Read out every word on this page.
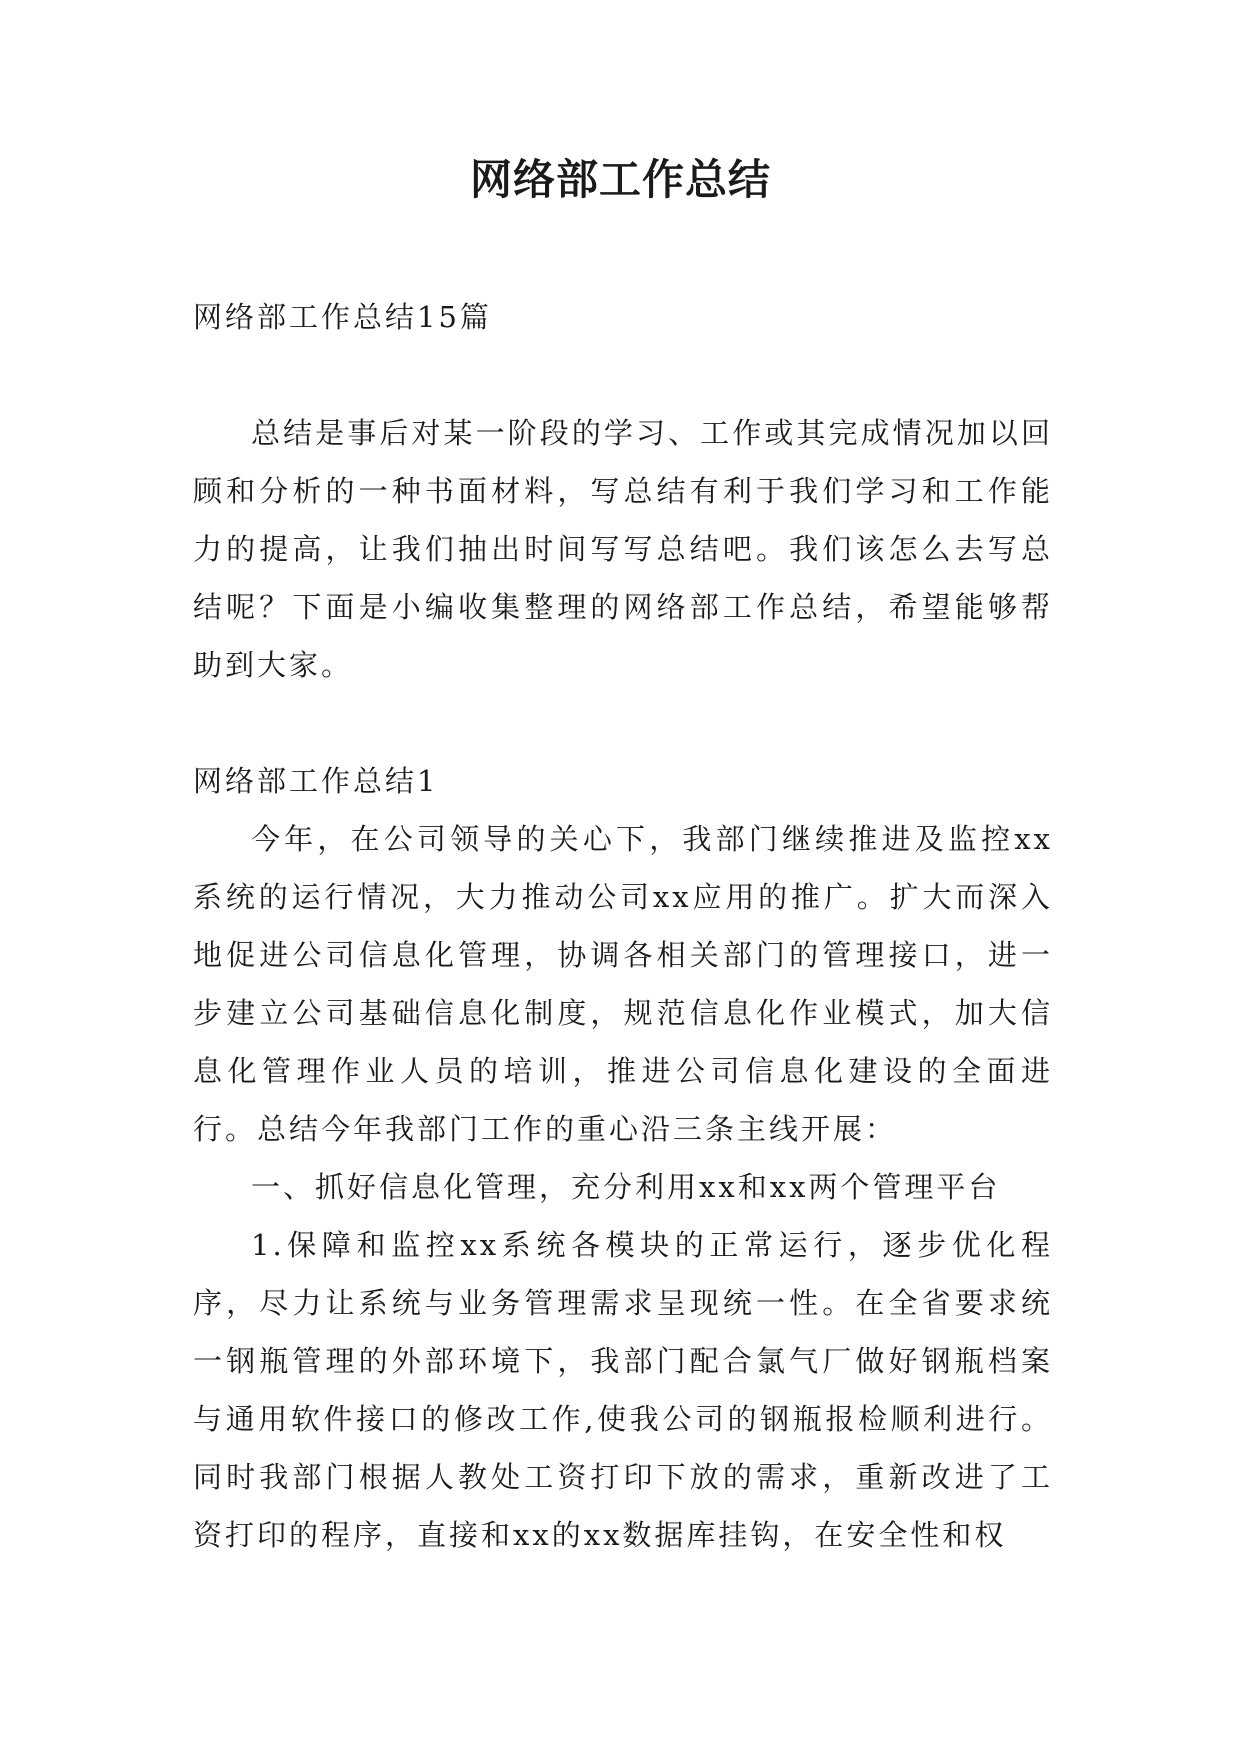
网络部工作总结

网络部工作总结15篇

总结是事后对某一阶段的学习、工作或其完成情况加以回顾和分析的一种书面材料，写总结有利于我们学习和工作能力的提高，让我们抽出时间写写总结吧。我们该怎么去写总结呢？下面是小编收集整理的网络部工作总结，希望能够帮助到大家。

网络部工作总结1

今年，在公司领导的关心下，我部门继续推进及监控xx系统的运行情况，大力推动公司xx应用的推广。扩大而深入地促进公司信息化管理，协调各相关部门的管理接口，进一步建立公司基础信息化制度，规范信息化作业模式，加大信息化管理作业人员的培训，推进公司信息化建设的全面进行。总结今年我部门工作的重心沿三条主线开展：

一、抓好信息化管理，充分利用xx和xx两个管理平台

1.保障和监控xx系统各模块的正常运行，逐步优化程序，尽力让系统与业务管理需求呈现统一性。在全省要求统一钢瓶管理的外部环境下，我部门配合氯气厂做好钢瓶档案与通用软件接口的修改工作,使我公司的钢瓶报检顺利进行。同时我部门根据人教处工资打印下放的需求，重新改进了工资打印的程序，直接和xx的xx数据库挂钩，在安全性和权
